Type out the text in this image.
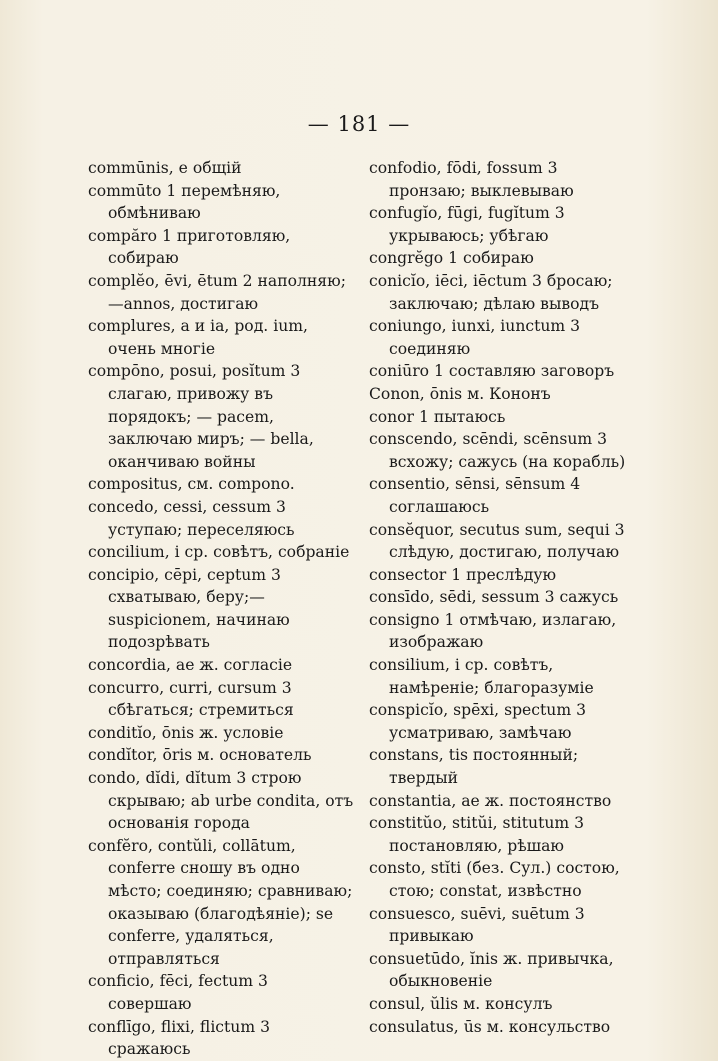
— 181 —
commūnis, e общій
commūto 1 перемѣняю, обмѣниваю
compăro 1 приготовляю, собираю
complĕo, ēvi, ētum 2 наполняю;—annos, достигаю
complures, a и ia, род. ium, очень многіе
compōno, posui, posĭtum 3 слагаю, привожу въ порядокъ; — pacem, заключаю миръ; — bella, оканчиваю войны
compositus, см. compono.
concedo, cessi, cessum 3 уступаю; переселяюсь
concilium, i ср. совѣтъ, собраніе
concipio, cēpi, ceptum 3 схватываю, беру;—suspicionem, начинаю подозрѣвать
concordia, ae ж. согласіе
concurro, curri, cursum 3 сбѣгаться; стремиться
conditĭo, ōnis ж. условіе
condĭtor, ōris м. основатель
condo, dĭdi, dĭtum 3 строю скрываю; ab urbe condita, отъ основанія города
confĕro, contŭli, collātum, conferre сношу въ одно мѣсто; соединяю; сравниваю; оказываю (благодѣяніе); se conferre, удаляться, отправляться
conficio, fēci, fectum 3 совершаю
conflīgo, flixi, flictum 3 сражаюсь
confodio, fōdi, fossum 3 пронзаю; выклевываю
confugĭo, fūgi, fugĭtum 3 укрываюсь; убѣгаю
congrĕgo 1 собираю
conicĭo, iēci, iēctum 3 бросаю; заключаю; дѣлаю выводъ
coniungo, iunxi, iunctum 3 соединяю
coniūro 1 составляю заговоръ
Conon, ōnis м. Кононъ
conor 1 пытаюсь
conscendo, scēndi, scēnsum 3 всхожу; сажусь (на корабль)
consentio, sēnsi, sēnsum 4 соглашаюсь
consĕquor, secutus sum, sequi 3 слѣдую, достигаю, получаю
consector 1 преслѣдую
consīdo, sēdi, sessum 3 сажусь
consigno 1 отмѣчаю, излагаю, изображаю
consilium, i ср. совѣтъ, намѣреніе; благоразуміе
conspicĭo, spēxi, spectum 3 усматриваю, замѣчаю
constans, tis постоянный; твердый
constantia, ae ж. постоянство
constitŭo, stitŭi, stitutum 3 постановляю, рѣшаю
consto, stĭti (без. Сул.) состою, стою; constat, извѣстно
consuesco, suēvi, suētum 3 привыкаю
consuetūdo, ĭnis ж. привычка, обыкновеніе
consul, ŭlis м. консулъ
consulatus, ūs м. консульство
